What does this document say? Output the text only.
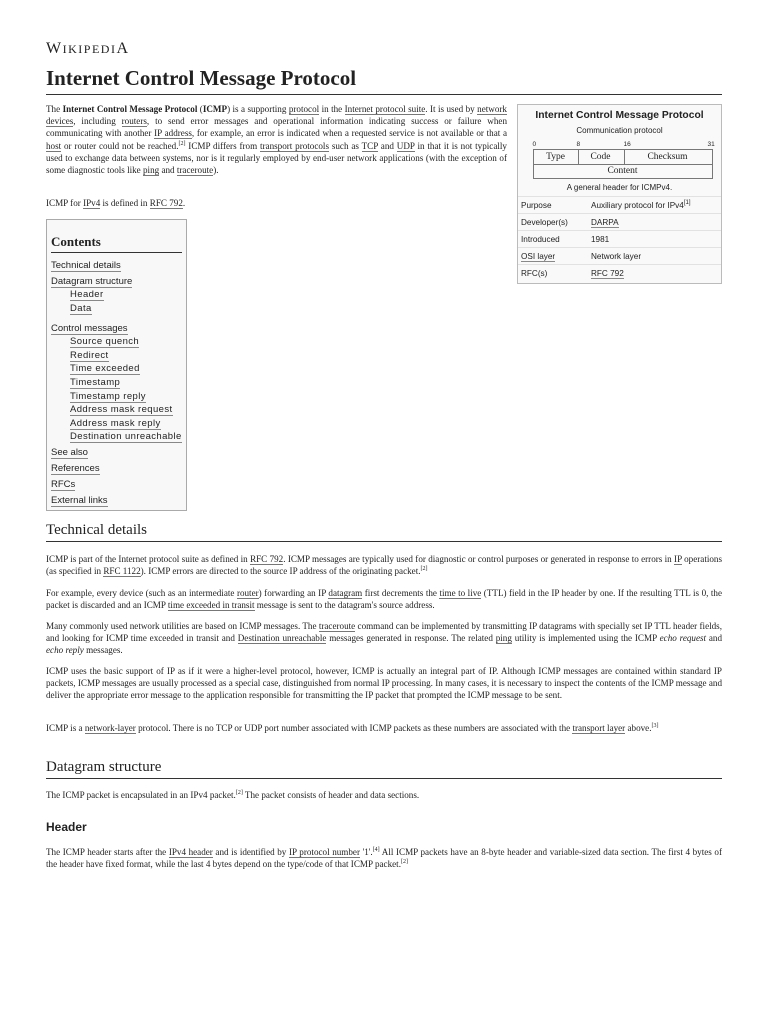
WIKIPEDIA
Internet Control Message Protocol

The Internet Control Message Protocol (ICMP) is a supporting protocol in the Internet protocol suite. It is used by network devices, including routers, to send error messages and operational information indicating success or failure when communicating with another IP address, for example, an error is indicated when a requested service is not available or that a host or router could not be reached.[2] ICMP differs from transport protocols such as TCP and UDP in that it is not typically used to exchange data between systems, nor is it regularly employed by end-user network applications (with the exception of some diagnostic tools like ping and traceroute).

ICMP for IPv4 is defined in RFC 792.

Contents
Technical details
Datagram structure
Header
Data
Control messages
Source quench
Redirect
Time exceeded
Timestamp
Timestamp reply
Address mask request
Address mask reply
Destination unreachable
See also
References
RFCs
External links
Internet Control Message Protocol
Communication protocol
0	8	16	31
Type	Code	Checksum
Content
A general header for ICMPv4.
Purpose	Auxiliary protocol for IPv4[1]
Developer(s)	DARPA
Introduced	1981
OSI layer	Network layer
RFC(s)	RFC 792
Technical details

ICMP is part of the Internet protocol suite as defined in RFC 792. ICMP messages are typically used for diagnostic or control purposes or generated in response to errors in IP operations (as specified in RFC 1122). ICMP errors are directed to the source IP address of the originating packet.[2]

For example, every device (such as an intermediate router) forwarding an IP datagram first decrements the time to live (TTL) field in the IP header by one. If the resulting TTL is 0, the packet is discarded and an ICMP time exceeded in transit message is sent to the datagram's source address.

Many commonly used network utilities are based on ICMP messages. The traceroute command can be implemented by transmitting IP datagrams with specially set IP TTL header fields, and looking for ICMP time exceeded in transit and Destination unreachable messages generated in response. The related ping utility is implemented using the ICMP echo request and echo reply messages.

ICMP uses the basic support of IP as if it were a higher-level protocol, however, ICMP is actually an integral part of IP. Although ICMP messages are contained within standard IP packets, ICMP messages are usually processed as a special case, distinguished from normal IP processing. In many cases, it is necessary to inspect the contents of the ICMP message and deliver the appropriate error message to the application responsible for transmitting the IP packet that prompted the ICMP message to be sent.

ICMP is a network-layer protocol. There is no TCP or UDP port number associated with ICMP packets as these numbers are associated with the transport layer above.[3]

Datagram structure

The ICMP packet is encapsulated in an IPv4 packet.[2] The packet consists of header and data sections.

Header

The ICMP header starts after the IPv4 header and is identified by IP protocol number '1'.[4] All ICMP packets have an 8-byte header and variable-sized data section. The first 4 bytes of the header have fixed format, while the last 4 bytes depend on the type/code of that ICMP packet.[2]
